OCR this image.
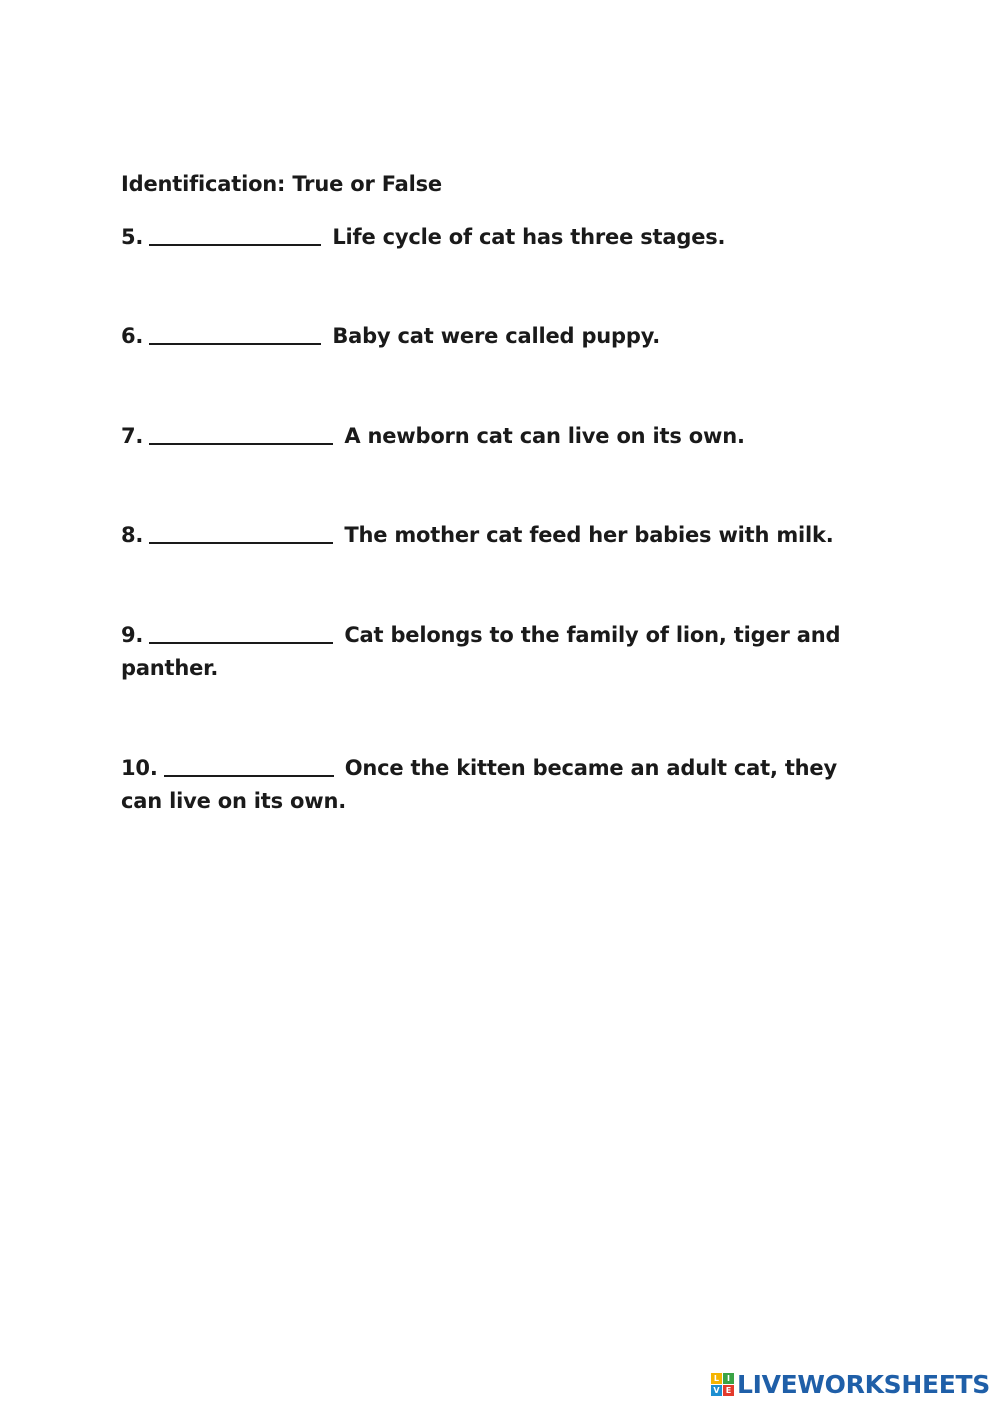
Identification: True or False
5.	Life cycle of cat has three stages.
6.	Baby cat were called puppy.
7.	A newborn cat can live on its own.
8.	The mother cat feed her babies with milk.
9.	Cat belongs to the family of lion, tiger and panther.
10.	Once the kitten became an adult cat, they can live on its own.
L I
V E LIVEWORKSHEETS
